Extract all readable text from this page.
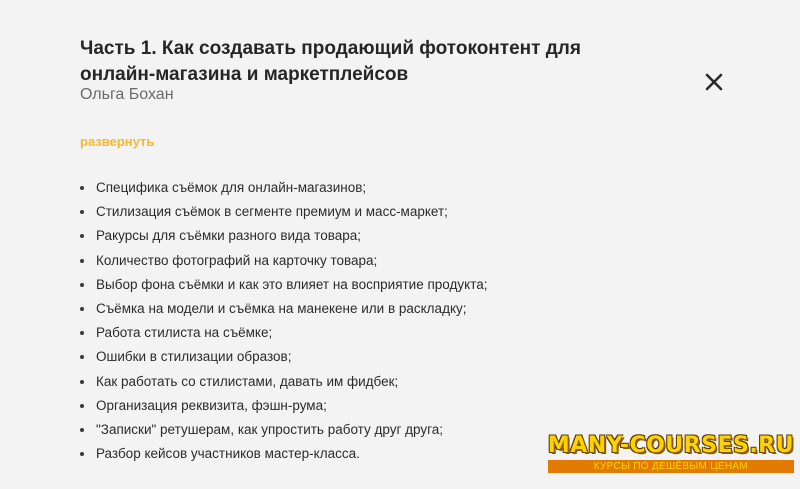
Часть 1. Как создавать продающий фотоконтент для онлайн-магазина и маркетплейсов

Ольга Бохан

развернуть
Специфика съёмок для онлайн-магазинов;
Стилизация съёмок в сегменте премиум и масс-маркет;
Ракурсы для съёмки разного вида товара;
Количество фотографий на карточку товара;
Выбор фона съёмки и как это влияет на восприятие продукта;
Съёмка на модели и съёмка на манекене или в раскладку;
Работа стилиста на съёмке;
Ошибки в стилизации образов;
Как работать со стилистами, давать им фидбек;
Организация реквизита, фэшн-рума;
"Записки" ретушерам, как упростить работу друг друга;
Разбор кейсов участников мастер-класса.	MANY-COURSES.RU
КУРСЫ ПО ДЕШЁВЫМ ЦЕНАМ
